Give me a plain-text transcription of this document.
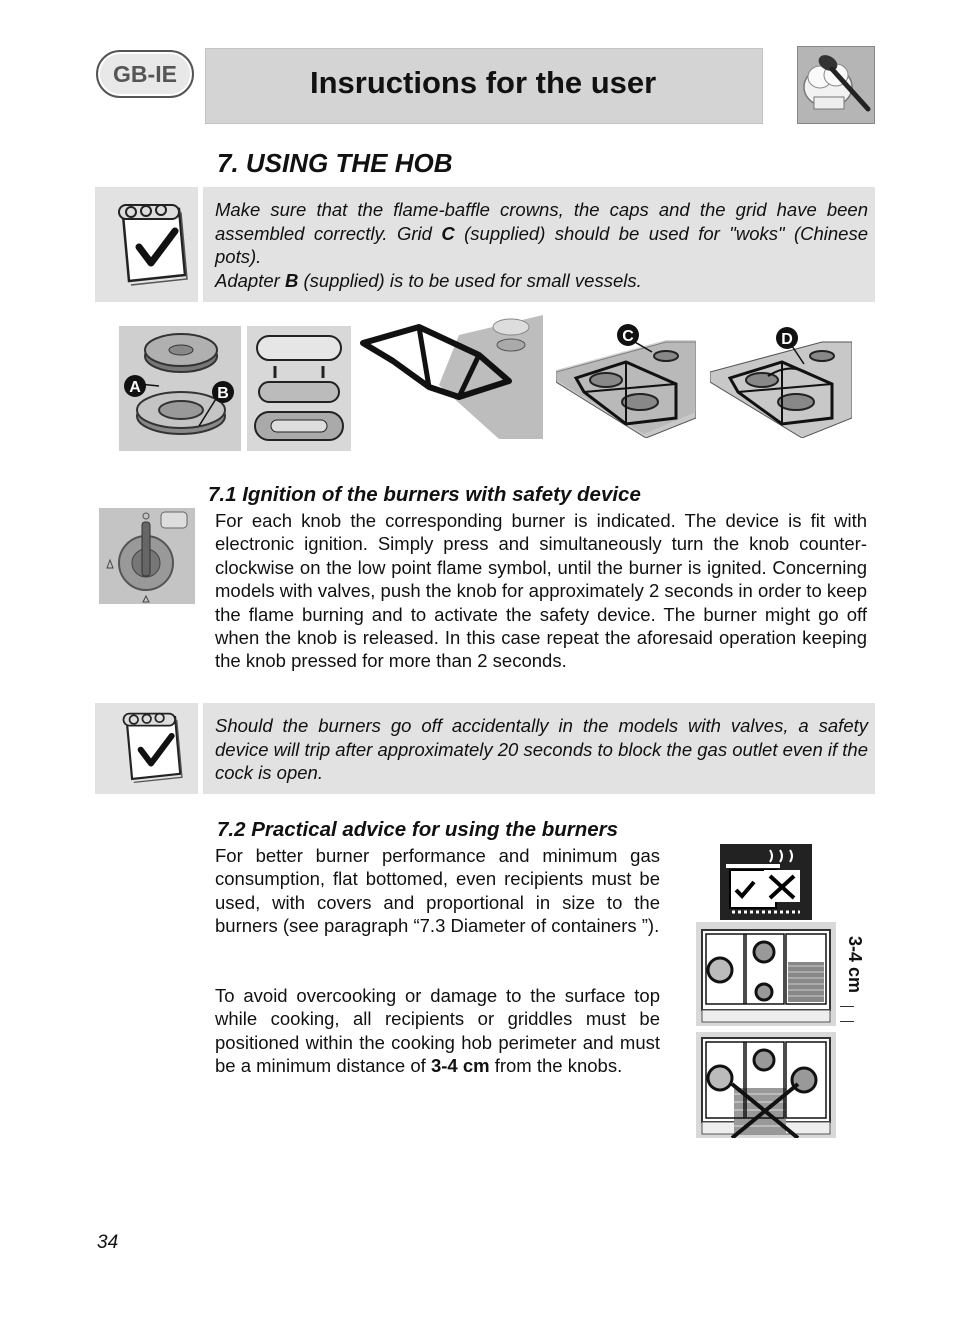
GB-IE	Insructions for the user
7. USING THE HOB

Make sure that the flame-baffle crowns, the caps and the grid have been assembled correctly. Grid C (supplied) should be used for "woks" (Chinese pots).

Adapter B (supplied) is to be used for small vessels.

A	B
C	D
7.1 Ignition of the burners with safety device
For each knob the corresponding burner is indicated. The device is fit with electronic ignition. Simply press and simultaneously turn the knob counter-clockwise on the low point flame symbol, until the burner is ignited. Concerning models with valves, push the knob for approximately 2 seconds in order to keep the flame burning and to activate the safety device. The burner might go off when the knob is released. In this case repeat the aforesaid operation keeping the knob pressed for more than 2 seconds.
Should the burners go off accidentally in the models with valves, a safety device will trip after approximately 20 seconds to block the gas outlet even if the cock is open.
7.2 Practical advice for using the burners
For better burner performance and minimum gas consumption, flat bottomed, even recipients must be used, with covers and proportional in size to the burners (see paragraph “7.3 Diameter of containers ”).
To avoid overcooking or damage to the surface top while cooking, all recipients or griddles must be positioned within the cooking hob perimeter and must be a minimum distance of 3-4 cm from the knobs.
3-4 cm
34
